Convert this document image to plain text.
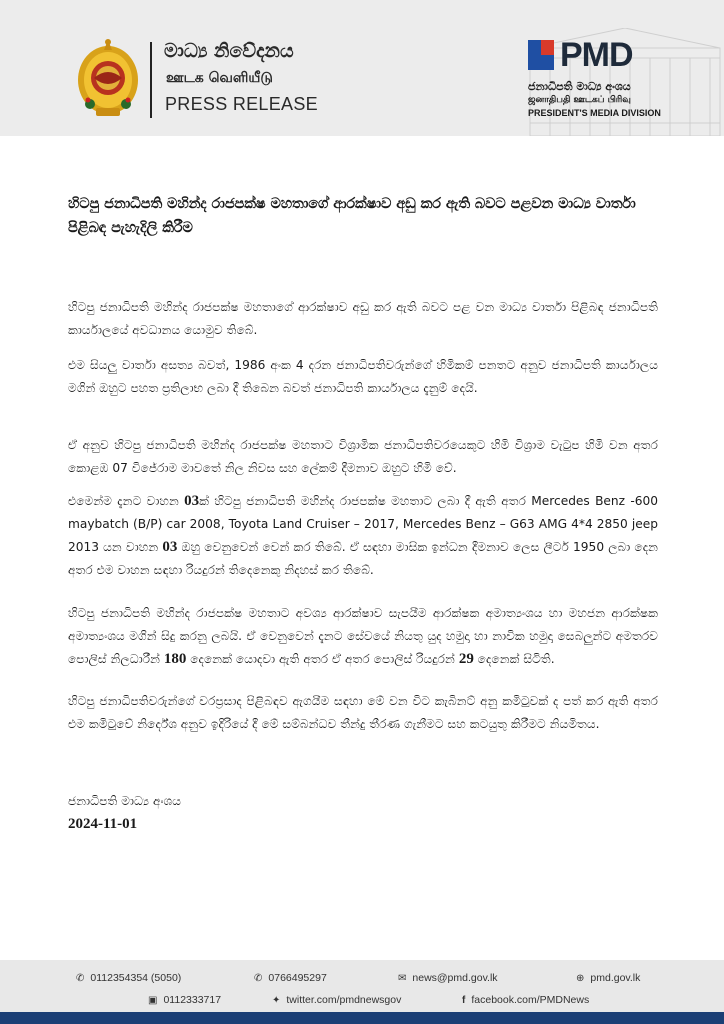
මාධ්‍ය නිවේදනය
ஊடக வெளியீடு
PRESS RELEASE
PMD
ජනාධිපති මාධ්‍ය අංශය
ஜனாதிபதி ஊடகப் பிரிவு
PRESIDENT'S MEDIA DIVISION
හිටපු ජනාධිපති මහින්ද රාජපක්ෂ මහතාගේ ආරක්ෂාව අඩු කර ඇති බවට පළවන මාධ්‍ය වාර්තා පිළිබඳ පැහැදිලි කිරීම
හිටපු ජනාධිපති මහින්ද රාජපක්ෂ මහතාගේ ආරක්ෂාව අඩු කර ඇති බවට පළ වන මාධ්‍ය වාර්තා පිළිබඳ ජනාධිපති කාර්යාලයේ අවධානය යොමුව තිබේ.
එම සියලු වාර්තා අසත්‍ය බවත්, 1986 අංක 4 දරන ජනාධිපතිවරුන්ගේ හිමිකම් පනතට අනුව ජනාධිපති කාර්යාලය මගින් ඔහුට පහත ප්‍රතිලාභ ලබා දී තිබෙන බවත් ජනාධිපති කාර්යාලය දැනුම් දෙයි.
ඒ අනුව හිටපු ජනාධිපති මහින්ද රාජපක්ෂ මහතාට විශ්‍රාමික ජනාධිපතිවරයෙකුට හිමි විශ්‍රාම වැටුප හිමි වන අතර කොළඹ 07 විජේරාම මාවතේ නිල නිවස සහ ලේකම් දීමනාව ඔහුට හිමි වේ.
එමෙන්ම දැනට වාහන 03ක් හිටපු ජනාධිපති මහින්ද රාජපක්ෂ මහතාට ලබා දී ඇති අතර Mercedes Benz -600 maybatch (B/P) car 2008, Toyota Land Cruiser – 2017, Mercedes Benz – G63 AMG 4*4 2850 jeep 2013 යන වාහන 03 ඔහු වෙනුවෙන් වෙන් කර තිබේ. ඒ සඳහා මාසික ඉන්ධන දීමනාව ලෙස ලීටර් 1950 ලබා දෙන අතර එම වාහන සඳහා රියදුරන් තිදෙනෙකු නිදහස් කර තිබේ.
හිටපු ජනාධිපති මහින්ද රාජපක්ෂ මහතාට අවශ්‍ය ආරක්ෂාව සැපයීම ආරක්ෂක අමාත්‍යංශය හා මහජන ආරක්ෂක අමාත්‍යංශය මගින් සිදු කරනු ලබයි. ඒ වෙනුවෙන් දැනට සේවයේ නියතු යුද හමුදා හා නාවික හමුදා සෙබලුන්ට අමතරව පොලිස් නිලධාරීන් 180 දෙනෙක් යොදවා ඇති අතර ඒ අතර පොලිස් රියදුරන් 29 දෙනෙක් සිටිති.
හිටපු ජනාධිපතිවරුන්ගේ වරප්‍රසාද පිළිබඳව ඇගයීම සඳහා මේ වන විට කැබිනට් අනු කමිටුවක් ද පත් කර ඇති අතර එම කමිටුවේ නිර්දේශ අනුව ඉදිරියේ දී මේ සම්බන්ධව තීන්දු තීරණ ගැනීමට සහ කටයුතු කිරීමට නියමිතය.
ජනාධිපති මාධ්‍ය අංශය
2024-11-01
✆ 0112354354 (5050)	✆ 0766495297	✉ news@pmd.gov.lk	⊕ pmd.gov.lk
▣ 0112333717	✦ twitter.com/pmdnewsgov	f facebook.com/PMDNews
